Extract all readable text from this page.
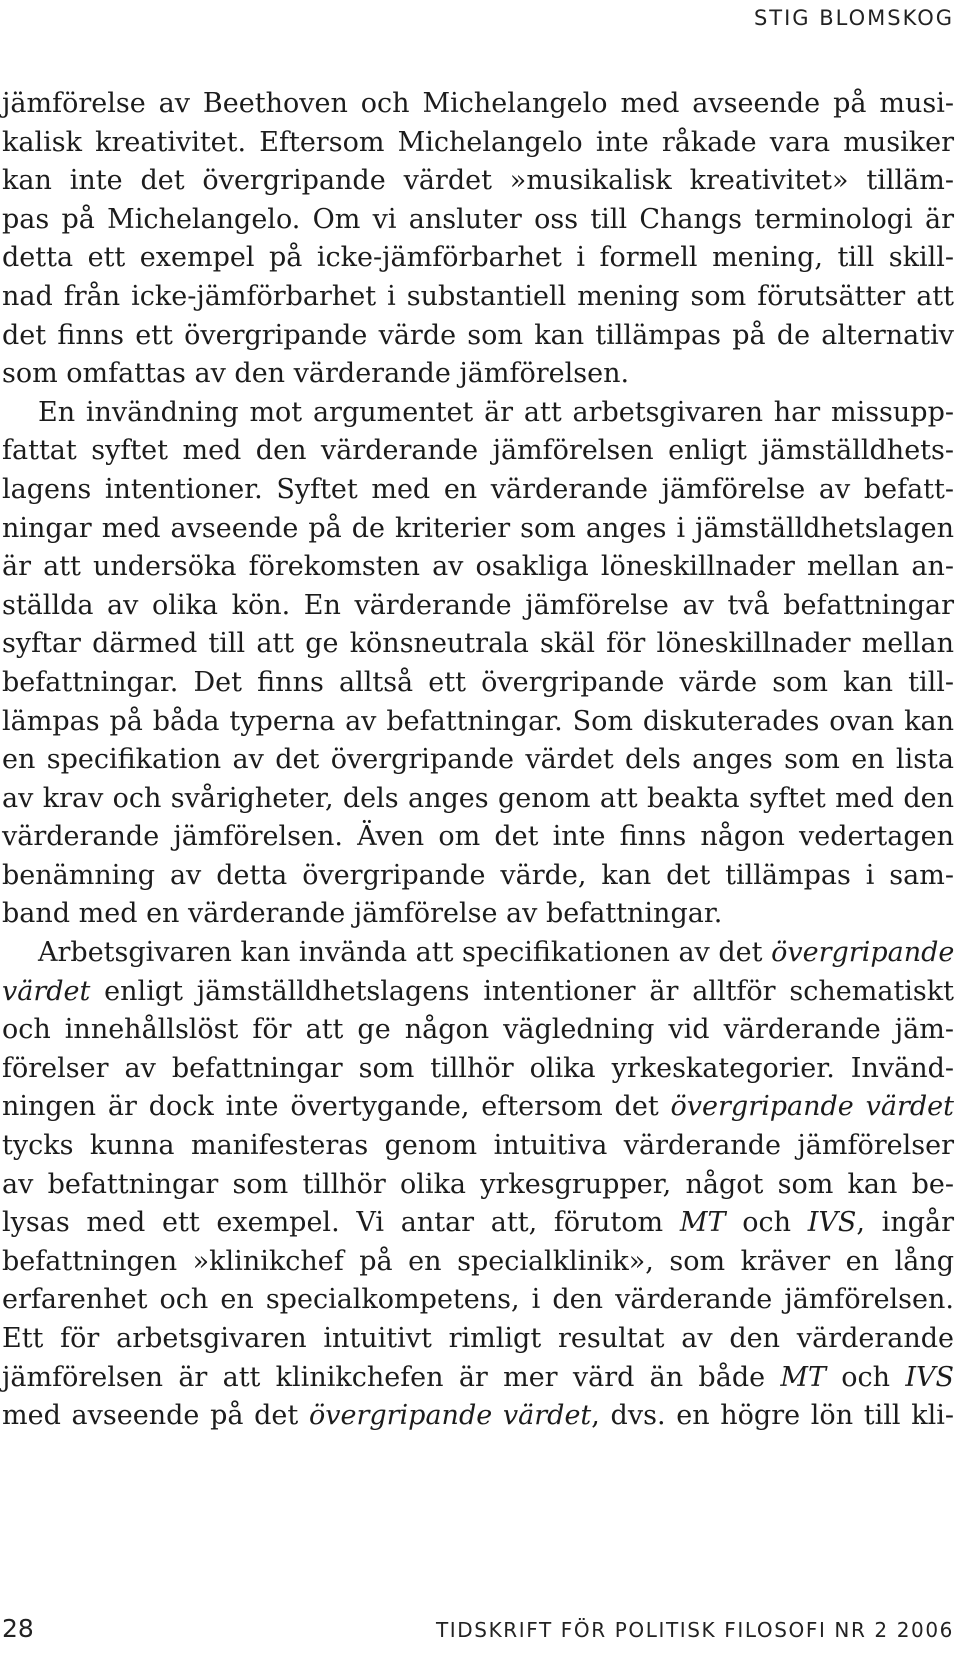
STIG BLOMSKOG
jämförelse av Beethoven och Michelangelo med avseende på musi-
kalisk kreativitet. Eftersom Michelangelo inte råkade vara musiker
kan inte det övergripande värdet »musikalisk kreativitet» tilläm-
pas på Michelangelo. Om vi ansluter oss till Changs terminologi är
detta ett exempel på icke-jämförbarhet i formell mening, till skill-
nad från icke-jämförbarhet i substantiell mening som förutsätter att
det finns ett övergripande värde som kan tillämpas på de alternativ
som omfattas av den värderande jämförelsen.
En invändning mot argumentet är att arbetsgivaren har missupp-
fattat syftet med den värderande jämförelsen enligt jämställdhets-
lagens intentioner. Syftet med en värderande jämförelse av befatt-
ningar med avseende på de kriterier som anges i jämställdhetslagen
är att undersöka förekomsten av osakliga löneskillnader mellan an-
ställda av olika kön. En värderande jämförelse av två befattningar
syftar därmed till att ge könsneutrala skäl för löneskillnader mellan
befattningar. Det finns alltså ett övergripande värde som kan till-
lämpas på båda typerna av befattningar. Som diskuterades ovan kan
en specifikation av det övergripande värdet dels anges som en lista
av krav och svårigheter, dels anges genom att beakta syftet med den
värderande jämförelsen. Även om det inte finns någon vedertagen
benämning av detta övergripande värde, kan det tillämpas i sam-
band med en värderande jämförelse av befattningar.
Arbetsgivaren kan invända att specifikationen av det övergripande
värdet enligt jämställdhetslagens intentioner är alltför schematiskt
och innehållslöst för att ge någon vägledning vid värderande jäm-
förelser av befattningar som tillhör olika yrkeskategorier. Invänd-
ningen är dock inte övertygande, eftersom det övergripande värdet
tycks kunna manifesteras genom intuitiva värderande jämförelser
av befattningar som tillhör olika yrkesgrupper, något som kan be-
lysas med ett exempel. Vi antar att, förutom MT och IVS, ingår
befattningen »klinikchef på en specialklinik», som kräver en lång
erfarenhet och en specialkompetens, i den värderande jämförelsen.
Ett för arbetsgivaren intuitivt rimligt resultat av den värderande
jämförelsen är att klinikchefen är mer värd än både MT och IVS
med avseende på det övergripande värdet, dvs. en högre lön till kli-
28	TIDSKRIFT FÖR POLITISK FILOSOFI NR 2 2006
